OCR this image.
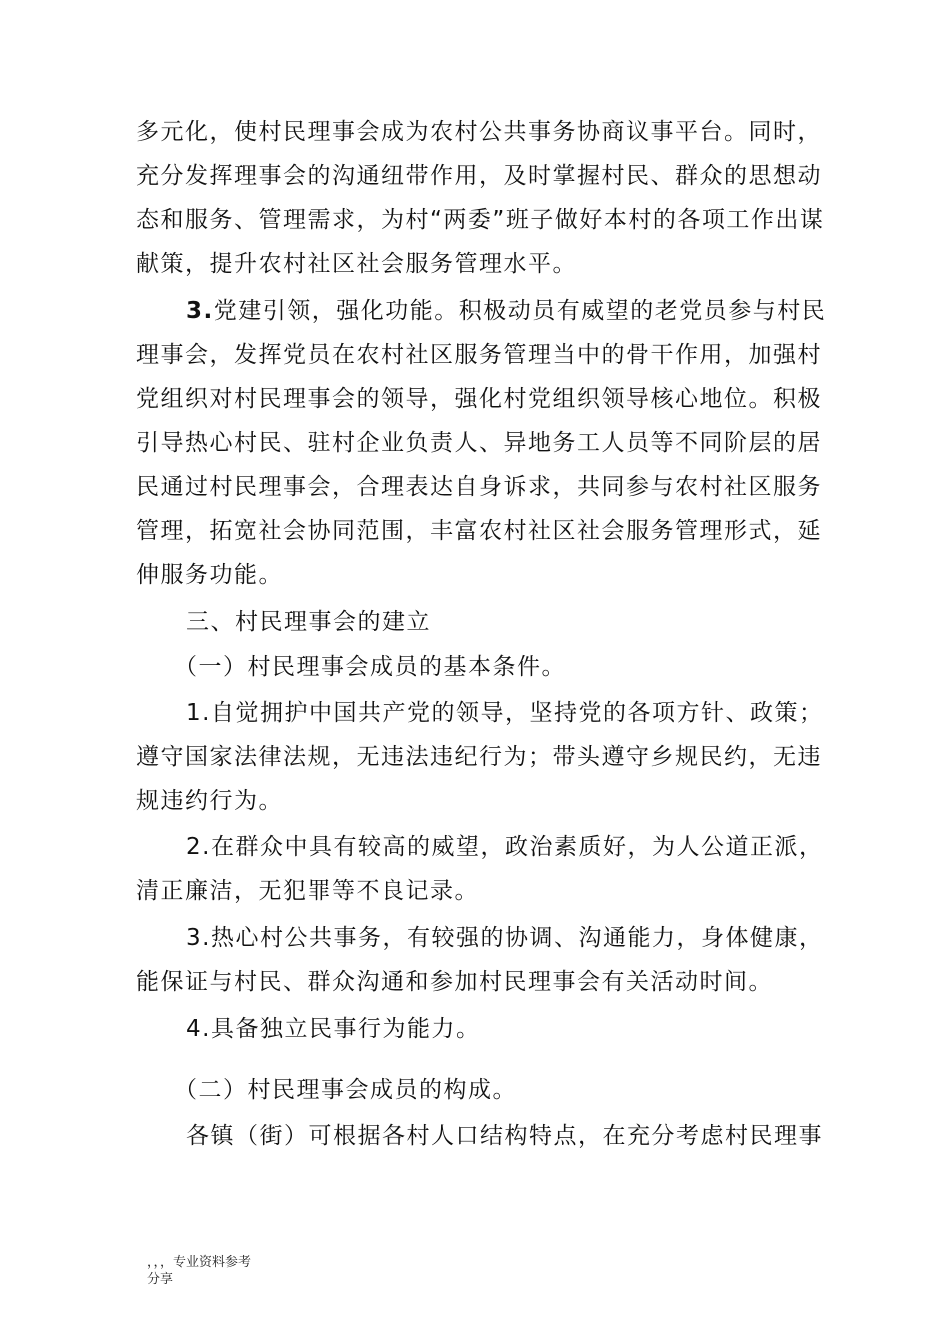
多元化，使村民理事会成为农村公共事务协商议事平台。同时，
充分发挥理事会的沟通纽带作用，及时掌握村民、群众的思想动
态和服务、管理需求，为村“两委”班子做好本村的各项工作出谋
献策，提升农村社区社会服务管理水平。
3.党建引领，强化功能。积极动员有威望的老党员参与村民
理事会，发挥党员在农村社区服务管理当中的骨干作用，加强村
党组织对村民理事会的领导，强化村党组织领导核心地位。积极
引导热心村民、驻村企业负责人、异地务工人员等不同阶层的居
民通过村民理事会，合理表达自身诉求，共同参与农村社区服务
管理，拓宽社会协同范围，丰富农村社区社会服务管理形式，延
伸服务功能。
三、村民理事会的建立
（一）村民理事会成员的基本条件。
1.自觉拥护中国共产党的领导，坚持党的各项方针、政策；
遵守国家法律法规，无违法违纪行为；带头遵守乡规民约，无违
规违约行为。
2.在群众中具有较高的威望，政治素质好，为人公道正派，
清正廉洁，无犯罪等不良记录。
3.热心村公共事务，有较强的协调、沟通能力，身体健康，
能保证与村民、群众沟通和参加村民理事会有关活动时间。
4.具备独立民事行为能力。
（二）村民理事会成员的构成。
各镇（街）可根据各村人口结构特点，在充分考虑村民理事
，，，专业资料参考
分享
